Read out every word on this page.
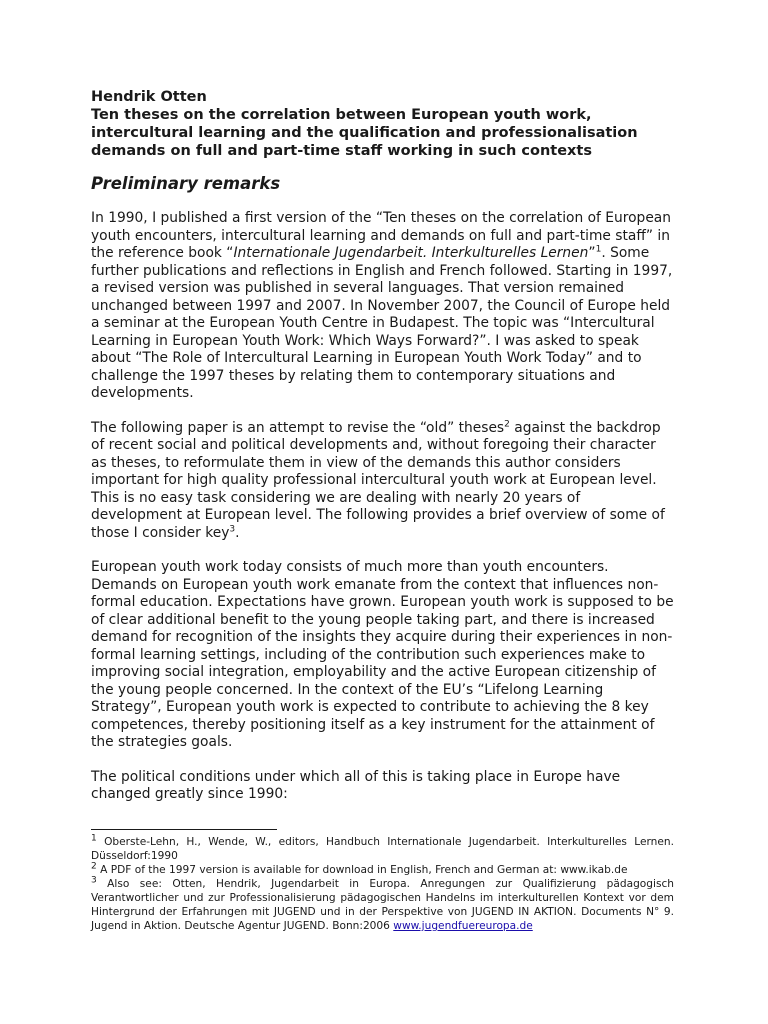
Hendrik Otten

Ten theses on the correlation between European youth work, intercultural learning and the qualification and professionalisation demands on full and part-time staff working in such contexts

Preliminary remarks

In 1990, I published a first version of the “Ten theses on the correlation of European youth encounters, intercultural learning and demands on full and part-time staff” in the reference book “Internationale Jugendarbeit. Interkulturelles Lernen”$^1$. Some further publications and reflections in English and French followed. Starting in 1997, a revised version was published in several languages. That version remained unchanged between 1997 and 2007. In November 2007, the Council of Europe held a seminar at the European Youth Centre in Budapest. The topic was “Intercultural Learning in European Youth Work: Which Ways Forward?”. I was asked to speak about “The Role of Intercultural Learning in European Youth Work Today” and to challenge the 1997 theses by relating them to contemporary situations and developments.

The following paper is an attempt to revise the “old” theses$^2$ against the backdrop of recent social and political developments and, without foregoing their character as theses, to reformulate them in view of the demands this author considers important for high quality professional intercultural youth work at European level. This is no easy task considering we are dealing with nearly 20 years of development at European level. The following provides a brief overview of some of those I consider key$^3$.

European youth work today consists of much more than youth encounters. Demands on European youth work emanate from the context that influences non-formal education. Expectations have grown. European youth work is supposed to be of clear additional benefit to the young people taking part, and there is increased demand for recognition of the insights they acquire during their experiences in non-formal learning settings, including of the contribution such experiences make to improving social integration, employability and the active European citizenship of the young people concerned. In the context of the EU’s “Lifelong Learning Strategy”, European youth work is expected to contribute to achieving the 8 key competences, thereby positioning itself as a key instrument for the attainment of the strategies goals.

The political conditions under which all of this is taking place in Europe have changed greatly since 1990:

$^1$ Oberste-Lehn, H., Wende, W., editors, Handbuch Internationale Jugendarbeit. Interkulturelles Lernen. Düsseldorf:1990

$^2$ A PDF of the 1997 version is available for download in English, French and German at: www.ikab.de

$^3$ Also see: Otten, Hendrik, Jugendarbeit in Europa. Anregungen zur Qualifizierung pädagogisch Verantwortlicher und zur Professionalisierung pädagogischen Handelns im interkulturellen Kontext vor dem Hintergrund der Erfahrungen mit JUGEND und in der Perspektive von JUGEND IN AKTION. Documents N° 9. Jugend in Aktion. Deutsche Agentur JUGEND. Bonn:2006 www.jugendfuereuropa.de
